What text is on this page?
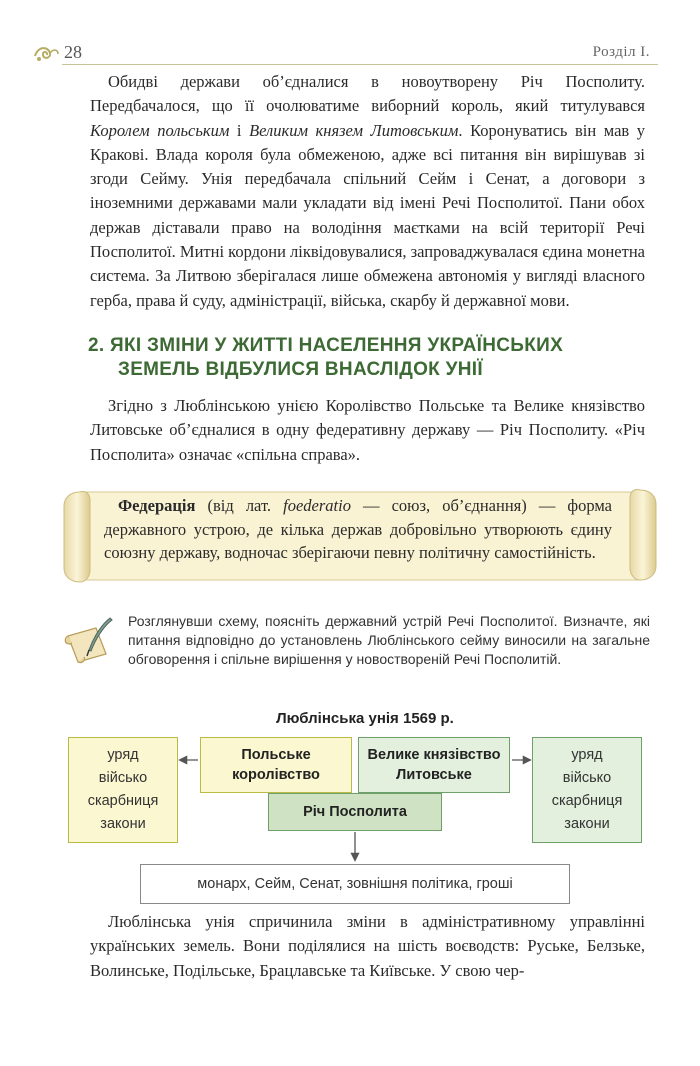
28	Розділ І.

Обидві держави об’єдналися в новоутворену Річ Посполиту. Передбачалося, що її очолюватиме виборний король, який титулувався Королем польським і Великим князем Литовським. Коронуватись він мав у Кракові. Влада короля була обмеженою, адже всі питання він вирішував зі згоди Сейму. Унія передбачала спільний Сейм і Сенат, а договори з іноземними державами мали укладати від імені Речі Посполитої. Пани обох держав діставали право на володіння маєтками на всій території Речі Посполитої. Митні кордони ліквідовувалися, запроваджувалася єдина монетна система. За Литвою зберігалася лише обмежена автономія у вигляді власного герба, права й суду, адміністрації, війська, скарбу й державної мови.

2. ЯКІ ЗМІНИ У ЖИТТІ НАСЕЛЕННЯ УКРАЇНСЬКИХ
ЗЕМЕЛЬ ВІДБУЛИСЯ ВНАСЛІДОК УНІЇ

Згідно з Люблінською унією Королівство Польське та Велике князівство Литовське об’єдналися в одну федеративну державу — Річ Посполиту. «Річ Посполита» означає «спільна справа».

Федерація (від лат. foederatio — союз, об’єднання) — форма державного устрою, де кілька держав добровільно утворюють єдину союзну державу, водночас зберігаючи певну політичну самостійність.

Розглянувши схему, поясніть державний устрій Речі Посполитої. Визначте, які питання відповідно до установлень Люблінського сейму виносили на загальне обговорення і спільне вирішення у новоствореній Речі Посполитій.

Люблінська унія 1569 р.
уряд
військо
скарбниця
закони
Польське королівство
Велике князівство Литовське
Річ Посполита
уряд
військо
скарбниця
закони
монарх, Сейм, Сенат, зовнішня політика, гроші

Люблінська унія спричинила зміни в адміністративному управлінні українських земель. Вони поділялися на шість воєводств: Руське, Белзьке, Волинське, Подільське, Брацлавське та Київське. У свою чер-
